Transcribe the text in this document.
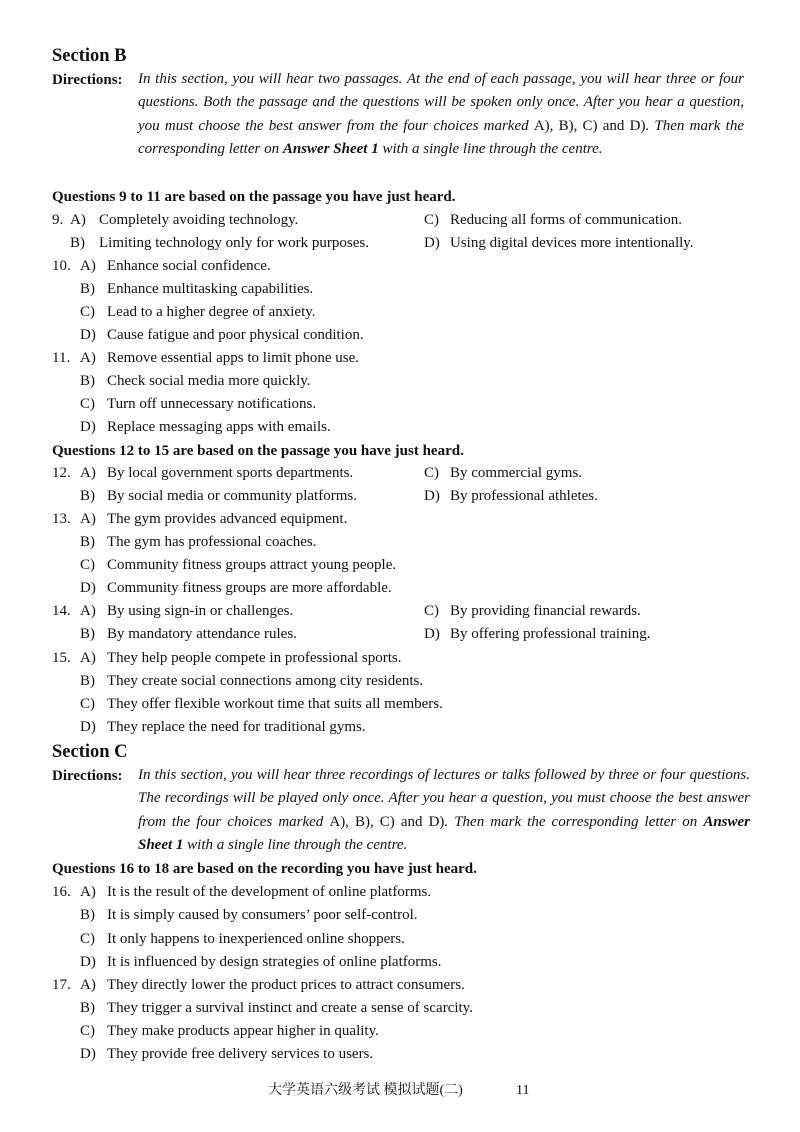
Section B
Directions: In this section, you will hear two passages. At the end of each passage, you will hear three or four questions. Both the passage and the questions will be spoken only once. After you hear a question, you must choose the best answer from the four choices marked A), B), C) and D). Then mark the corresponding letter on Answer Sheet 1 with a single line through the centre.
Questions 9 to 11 are based on the passage you have just heard.
9. A) Completely avoiding technology.	C) Reducing all forms of communication.
B) Limiting technology only for work purposes.	D) Using digital devices more intentionally.
10. A) Enhance social confidence.
B) Enhance multitasking capabilities.
C) Lead to a higher degree of anxiety.
D) Cause fatigue and poor physical condition.
11. A) Remove essential apps to limit phone use.
B) Check social media more quickly.
C) Turn off unnecessary notifications.
D) Replace messaging apps with emails.
Questions 12 to 15 are based on the passage you have just heard.
12. A) By local government sports departments.	C) By commercial gyms.
B) By social media or community platforms.	D) By professional athletes.
13. A) The gym provides advanced equipment.
B) The gym has professional coaches.
C) Community fitness groups attract young people.
D) Community fitness groups are more affordable.
14. A) By using sign-in or challenges.	C) By providing financial rewards.
B) By mandatory attendance rules.	D) By offering professional training.
15. A) They help people compete in professional sports.
B) They create social connections among city residents.
C) They offer flexible workout time that suits all members.
D) They replace the need for traditional gyms.
Section C
Directions: In this section, you will hear three recordings of lectures or talks followed by three or four questions. The recordings will be played only once. After you hear a question, you must choose the best answer from the four choices marked A), B), C) and D). Then mark the corresponding letter on Answer Sheet 1 with a single line through the centre.
Questions 16 to 18 are based on the recording you have just heard.
16. A) It is the result of the development of online platforms.
B) It is simply caused by consumers’ poor self-control.
C) It only happens to inexperienced online shoppers.
D) It is influenced by design strategies of online platforms.
17. A) They directly lower the product prices to attract consumers.
B) They trigger a survival instinct and create a sense of scarcity.
C) They make products appear higher in quality.
D) They provide free delivery services to users.
大学英语六级考试 模拟试题(二)	11
